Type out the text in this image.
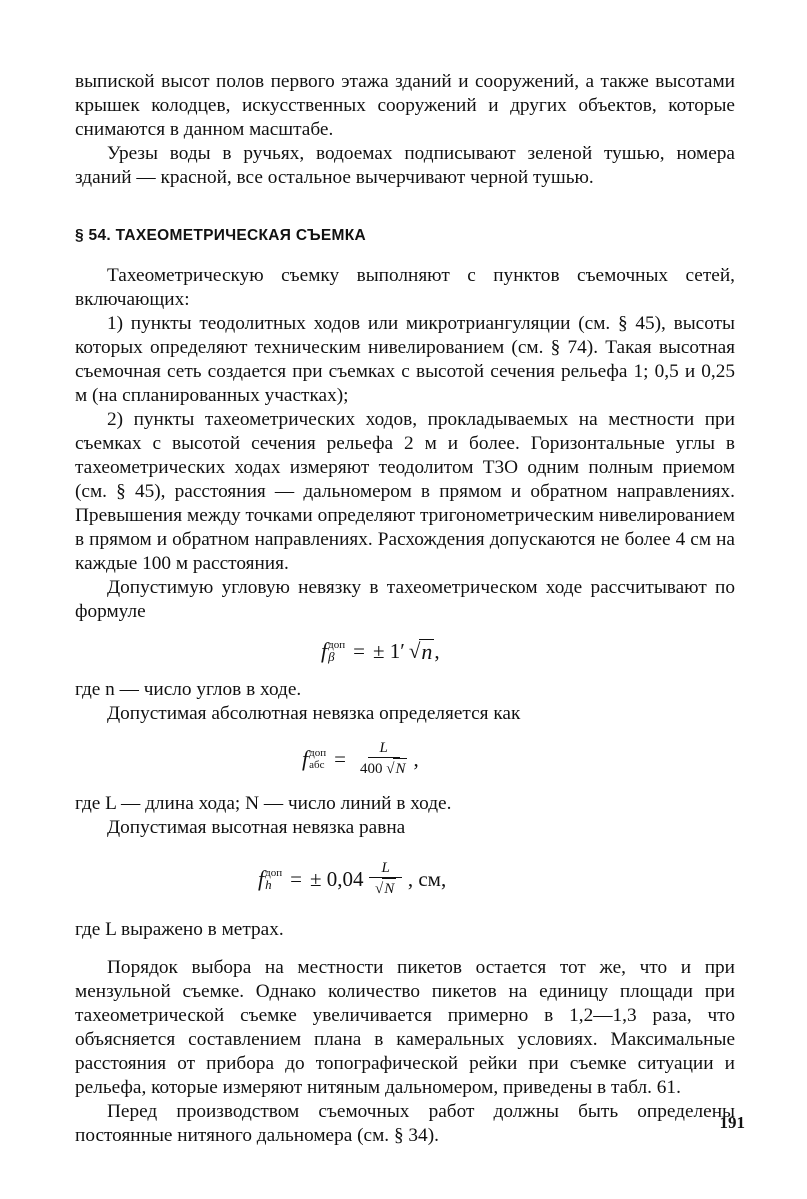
выпиской высот полов первого этажа зданий и сооружений, а также высотами крышек колодцев, искусственных сооружений и других объектов, которые снимаются в данном масштабе.

Урезы воды в ручьях, водоемах подписывают зеленой тушью, номера зданий — красной, все остальное вычерчивают черной тушью.

§ 54. ТАХЕОМЕТРИЧЕСКАЯ СЪЕМКА

Тахеометрическую съемку выполняют с пунктов съемочных сетей, включающих:

1) пункты теодолитных ходов или микротриангуляции (см. § 45), высоты которых определяют техническим нивелированием (см. § 74). Такая высотная съемочная сеть создается при съемках с высотой сечения рельефа 1; 0,5 и 0,25 м (на спланированных участках);

2) пункты тахеометрических ходов, прокладываемых на местности при съемках с высотой сечения рельефа 2 м и более. Горизонтальные углы в тахеометрических ходах измеряют теодолитом Т3О одним полным приемом (см. § 45), расстояния — дальномером в прямом и обратном направлениях. Превышения между точками определяют тригонометрическим нивелированием в прямом и обратном направлениях. Расхождения допускаются не более 4 см на каждые 100 м расстояния.

Допустимую угловую невязку в тахеометрическом ходе рассчитывают по формуле

f доп
β = ± 1′ √ n ,

где n — число углов в ходе.

Допустимая абсолютная невязка определяется как

f доп
абс = $\frac{L}{400 √N}$ ,

где L — длина хода; N — число линий в ходе.

Допустимая высотная невязка равна

f доп
h = ± $0,04 \frac{L}{√N}$ , см,

где L выражено в метрах.

Порядок выбора на местности пикетов остается тот же, что и при мензульной съемке. Однако количество пикетов на единицу площади при тахеометрической съемке увеличивается примерно в 1,2—1,3 раза, что объясняется составлением плана в камеральных условиях. Максимальные расстояния от прибора до топографической рейки при съемке ситуации и рельефа, которые измеряют нитяным дальномером, приведены в табл. 61.

Перед производством съемочных работ должны быть определены постоянные нитяного дальномера (см. § 34).

191
